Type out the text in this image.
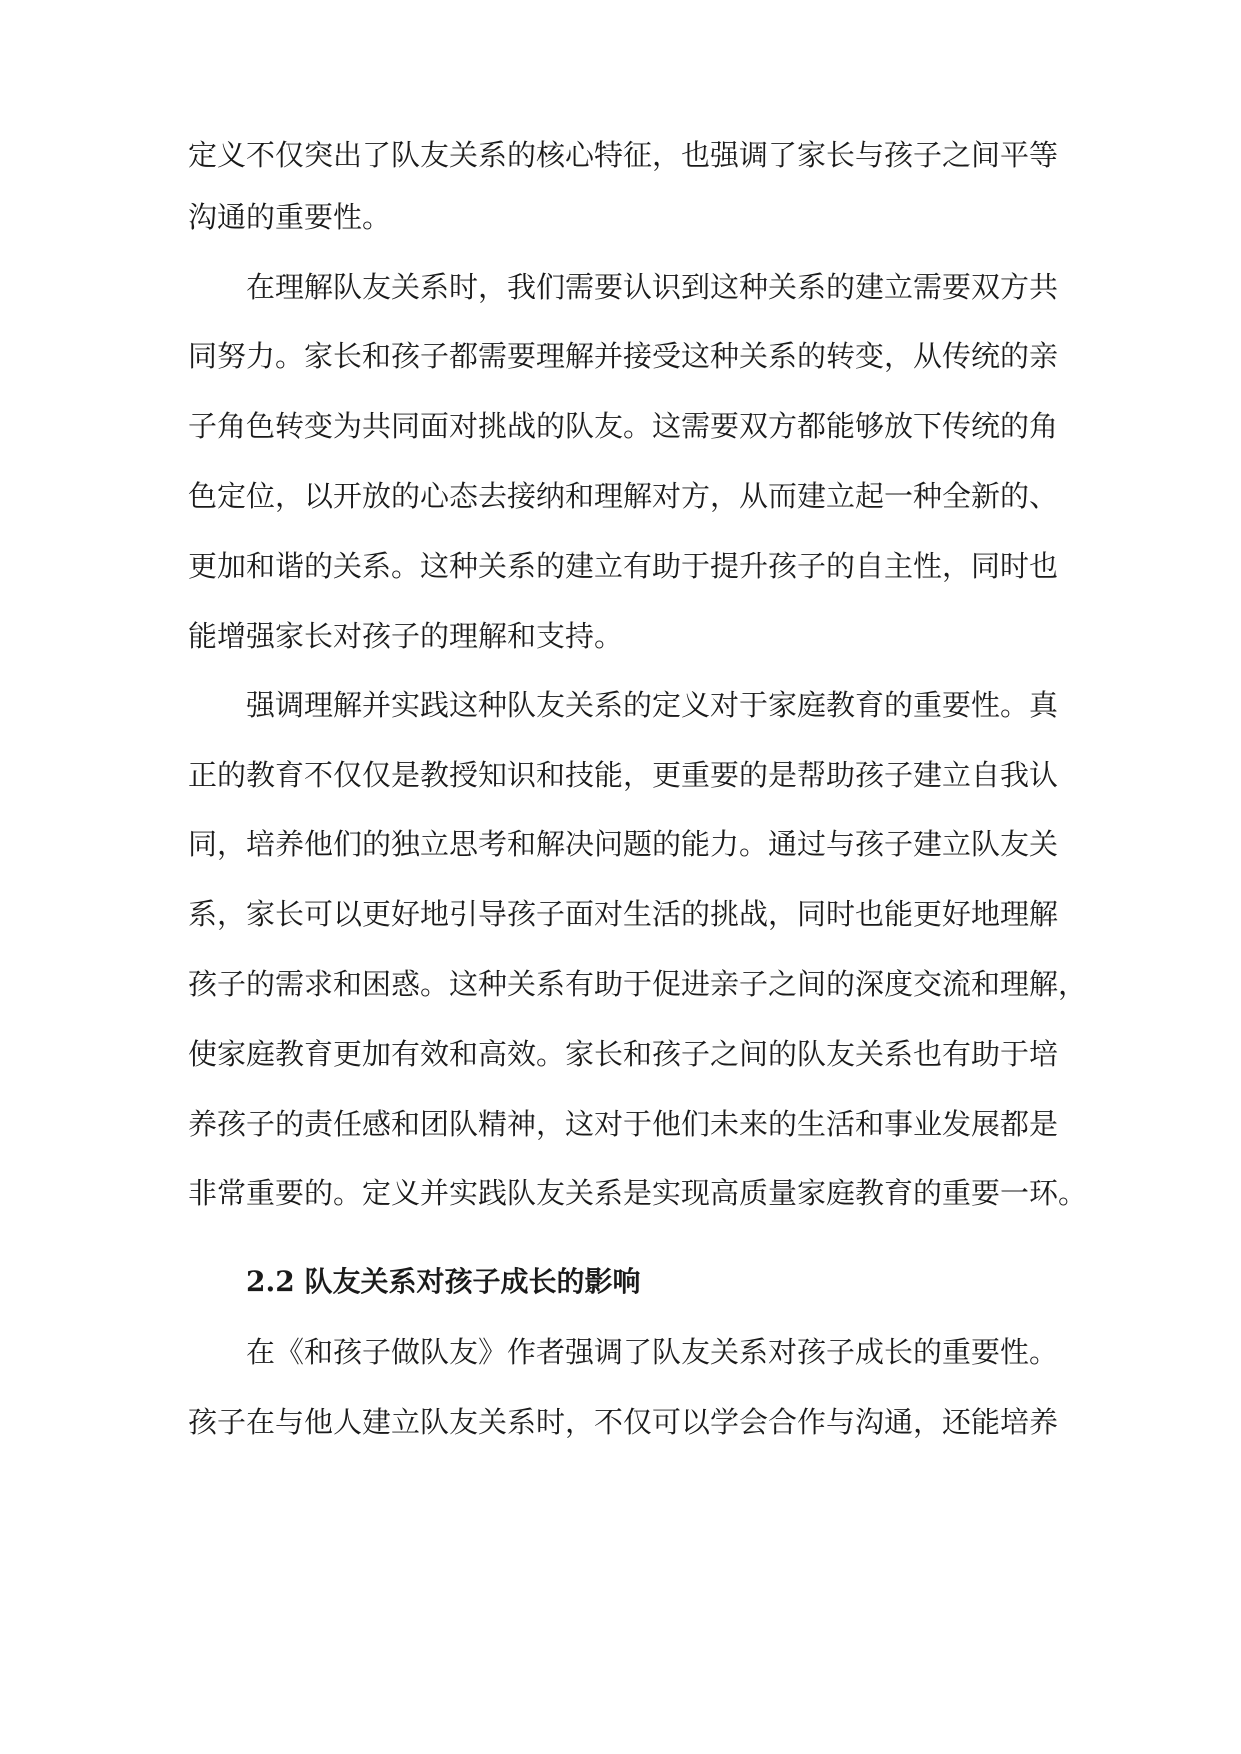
定义不仅突出了队友关系的核心特征，也强调了家长与孩子之间平等
沟通的重要性。
在理解队友关系时，我们需要认识到这种关系的建立需要双方共
同努力。家长和孩子都需要理解并接受这种关系的转变，从传统的亲
子角色转变为共同面对挑战的队友。这需要双方都能够放下传统的角
色定位，以开放的心态去接纳和理解对方，从而建立起一种全新的、
更加和谐的关系。这种关系的建立有助于提升孩子的自主性，同时也
能增强家长对孩子的理解和支持。
强调理解并实践这种队友关系的定义对于家庭教育的重要性。真
正的教育不仅仅是教授知识和技能，更重要的是帮助孩子建立自我认
同，培养他们的独立思考和解决问题的能力。通过与孩子建立队友关
系，家长可以更好地引导孩子面对生活的挑战，同时也能更好地理解
孩子的需求和困惑。这种关系有助于促进亲子之间的深度交流和理解，
使家庭教育更加有效和高效。家长和孩子之间的队友关系也有助于培
养孩子的责任感和团队精神，这对于他们未来的生活和事业发展都是
非常重要的。定义并实践队友关系是实现高质量家庭教育的重要一环。
2.2 队友关系对孩子成长的影响
在《和孩子做队友》作者强调了队友关系对孩子成长的重要性。
孩子在与他人建立队友关系时，不仅可以学会合作与沟通，还能培养
